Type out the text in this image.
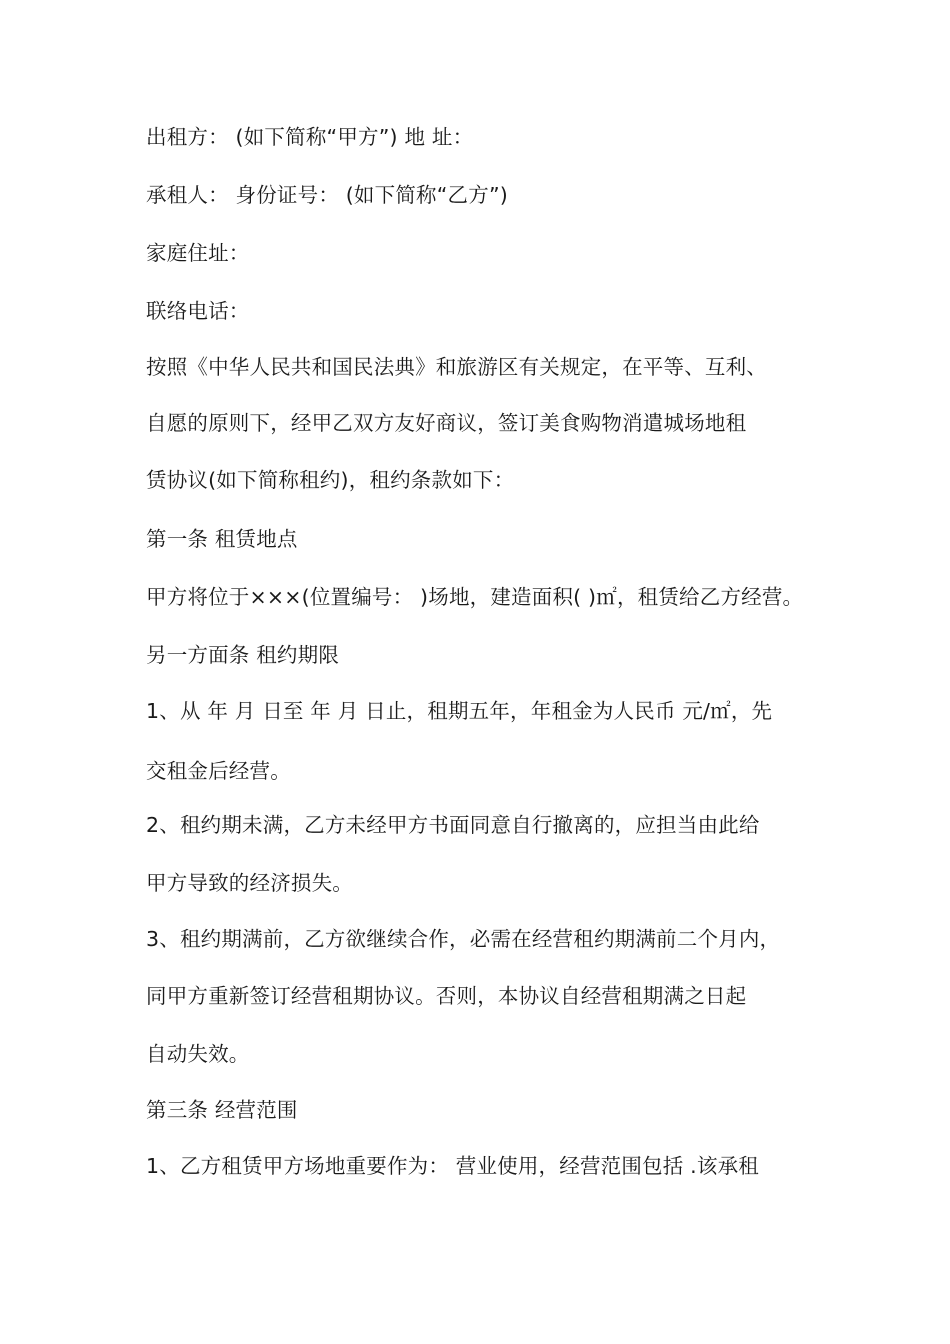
出租方： (如下简称“甲方”) 地 址：
承租人： 身份证号： (如下简称“乙方”)
家庭住址：
联络电话：
按照《中华人民共和国民法典》和旅游区有关规定，在平等、互利、
自愿的原则下，经甲乙双方友好商议，签订美食购物消遣城场地租
赁协议(如下简称租约)，租约条款如下：
第一条 租赁地点
甲方将位于×××(位置编号： )场地，建造面积( )㎡，租赁给乙方经营。
另一方面条 租约期限
1、从 年 月 日至 年 月 日止，租期五年，年租金为人民币 元/㎡，先
交租金后经营。
2、租约期未满，乙方未经甲方书面同意自行撤离的，应担当由此给
甲方导致的经济损失。
3、租约期满前，乙方欲继续合作，必需在经营租约期满前二个月内，
同甲方重新签订经营租期协议。否则，本协议自经营租期满之日起
自动失效。
第三条 经营范围
1、乙方租赁甲方场地重要作为： 营业使用，经营范围包括 .该承租
